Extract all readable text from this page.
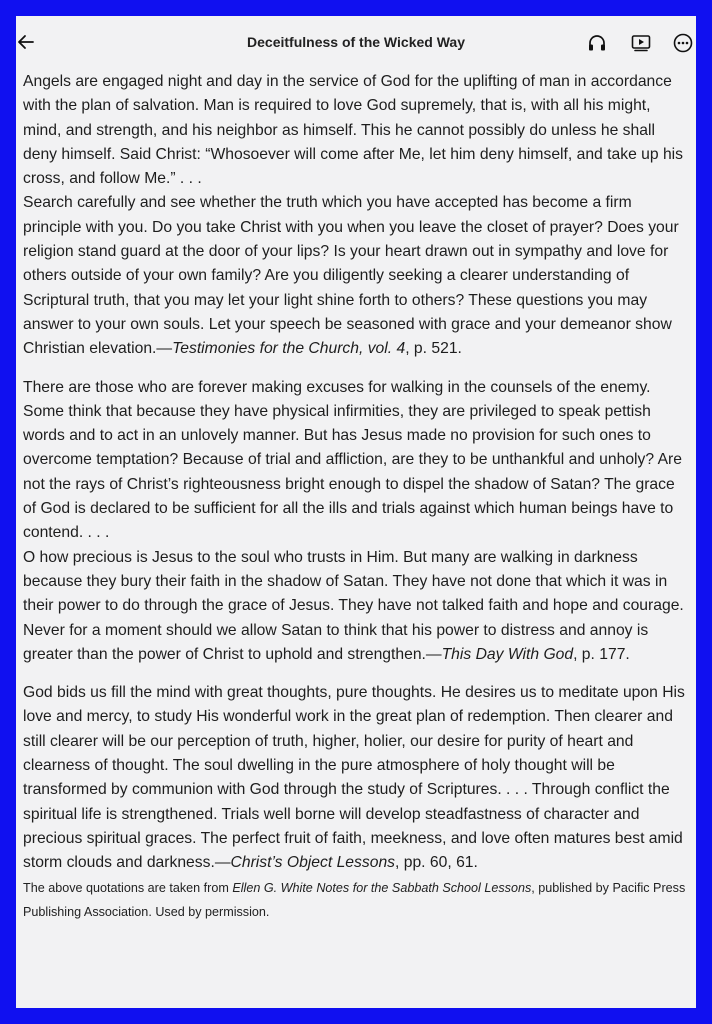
Deceitfulness of the Wicked Way

Angels are engaged night and day in the service of God for the uplifting of man in accordance with the plan of salvation. Man is required to love God supremely, that is, with all his might, mind, and strength, and his neighbor as himself. This he cannot possibly do unless he shall deny himself. Said Christ: “Whosoever will come after Me, let him deny himself, and take up his cross, and follow Me.” . . .

Search carefully and see whether the truth which you have accepted has become a firm principle with you. Do you take Christ with you when you leave the closet of prayer? Does your religion stand guard at the door of your lips? Is your heart drawn out in sympathy and love for others outside of your own family? Are you diligently seeking a clearer understanding of Scriptural truth, that you may let your light shine forth to others? These questions you may answer to your own souls. Let your speech be seasoned with grace and your demeanor show Christian elevation.—Testimonies for the Church, vol. 4, p. 521.

There are those who are forever making excuses for walking in the counsels of the enemy. Some think that because they have physical infirmities, they are privileged to speak pettish words and to act in an unlovely manner. But has Jesus made no provision for such ones to overcome temptation? Because of trial and affliction, are they to be unthankful and unholy? Are not the rays of Christ’s righteousness bright enough to dispel the shadow of Satan? The grace of God is declared to be sufficient for all the ills and trials against which human beings have to contend. . . .

O how precious is Jesus to the soul who trusts in Him. But many are walking in darkness because they bury their faith in the shadow of Satan. They have not done that which it was in their power to do through the grace of Jesus. They have not talked faith and hope and courage. Never for a moment should we allow Satan to think that his power to distress and annoy is greater than the power of Christ to uphold and strengthen.—This Day With God, p. 177.

God bids us fill the mind with great thoughts, pure thoughts. He desires us to meditate upon His love and mercy, to study His wonderful work in the great plan of redemption. Then clearer and still clearer will be our perception of truth, higher, holier, our desire for purity of heart and clearness of thought. The soul dwelling in the pure atmosphere of holy thought will be transformed by communion with God through the study of Scriptures. . . . Through conflict the spiritual life is strengthened. Trials well borne will develop steadfastness of character and precious spiritual graces. The perfect fruit of faith, meekness, and love often matures best amid storm clouds and darkness.—Christ’s Object Lessons, pp. 60, 61.

The above quotations are taken from Ellen G. White Notes for the Sabbath School Lessons, published by Pacific Press Publishing Association. Used by permission.
